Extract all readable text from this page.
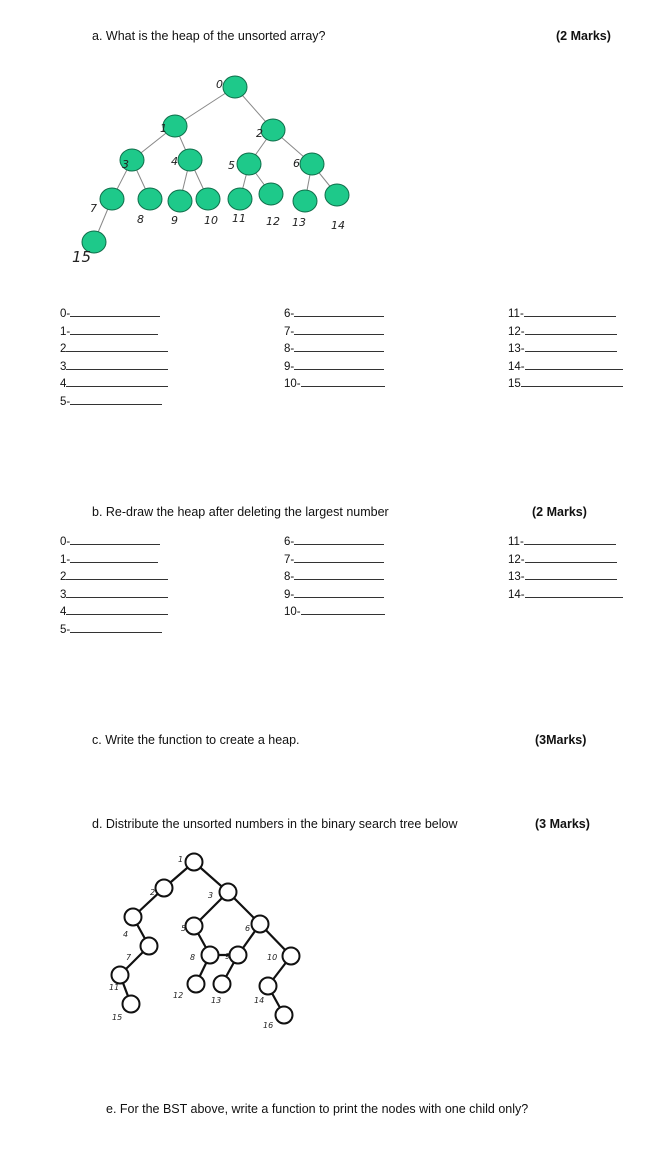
a. What is the heap of the unsorted array?	(2 Marks)
0
1	2
3	4	5	6
7
8 9 10 11 12 13 14
15
0-
1-
2
3
4
5-
6-
7-
8-
9-
10-
11-
12-
13-
14-
15
b. Re-draw the heap after deleting the largest number	(2 Marks)
0-
1-
2
3
4
5-
6-
7-
8-
9-
10-
11-
12-
13-
14-
c. Write the function to create a heap.	(3Marks)
d. Distribute the unsorted numbers in the binary search tree below	(3 Marks)
1
2	3
4
5	6
7	8	9	10
11
12
13	14
15
16
e. For the BST above, write a function to print the nodes with one child only?
